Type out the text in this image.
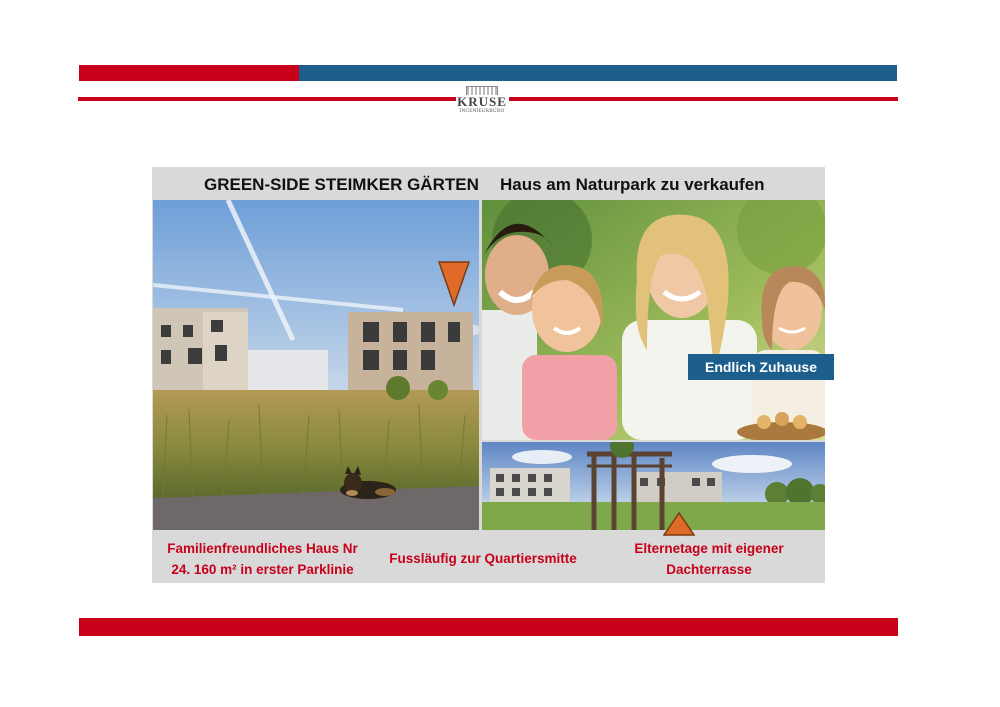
KRUSE
INGENIEURBÜRO
GREEN-SIDE STEIMKER GÄRTEN Haus am Naturpark zu verkaufen
Endlich Zuhause
Familienfreundliches Haus Nr
24. 160 m² in erster Parklinie
Fussläufig zur Quartiersmitte
Elternetage mit eigener
Dachterrasse
